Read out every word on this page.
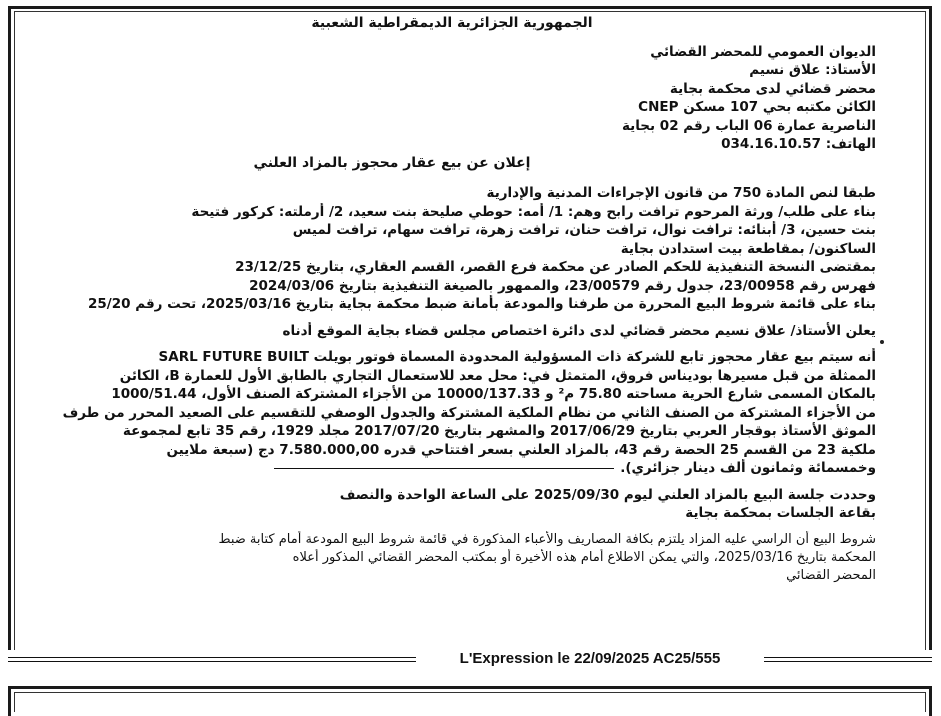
الجمهورية الجزائرية الديمقراطية الشعبية
الديوان العمومي للمحضر القضائي
الأستاذ: علاق نسيم
محضر قضائي لدى محكمة بجاية
الكائن مكتبه بحي 107 مسكن CNEP
الناصرية عمارة 06 الباب رقم 02 بجاية
الهاتف: 034.16.10.57
إعلان عن بيع عقار محجوز بالمزاد العلني
طبقا لنص المادة 750 من قانون الإجراءات المدنية والإدارية
بناء على طلب/ ورثة المرحوم ترافت رابح وهم: 1/ أمه: حوطي صليحة بنت سعيد، 2/ أرملته: كركور فتيحة
بنت حسين، 3/ أبنائه: ترافت نوال، ترافت حنان، ترافت زهرة، ترافت سهام، ترافت لميس
الساكنون/ بمقاطعة بيت استدادن بجاية
بمقتضى النسخة التنفيذية للحكم الصادر عن محكمة فرع القصر، القسم العقاري، بتاريخ 23/12/25
فهرس رقم 23/00958، جدول رقم 23/00579، والممهور بالصيغة التنفيذية بتاريخ 2024/03/06
بناء على قائمة شروط البيع المحررة من طرفنا والمودعة بأمانة ضبط محكمة بجاية بتاريخ 2025/03/16، تحت رقم 25/20
يعلن الأستاذ/ علاق نسيم محضر قضائي لدى دائرة اختصاص مجلس قضاء بجاية الموقع أدناه
أنه سيتم بيع عقار محجوز تابع للشركة ذات المسؤولية المحدودة المسماة فوتور بويلت SARL FUTURE BUILT
الممثلة من قبل مسيرها بوديناس فروق، المتمثل في: محل معد للاستعمال التجاري بالطابق الأول للعمارة B، الكائن
بالمكان المسمى شارع الحرية مساحته 75.80 م² و 10000/137.33 من الأجزاء المشتركة الصنف الأول، 1000/51.44
من الأجزاء المشتركة من الصنف الثاني من نظام الملكية المشتركة والجدول الوصفي للتقسيم على الصعيد المحرر من طرف
الموثق الأستاذ بوقجار العربي بتاريخ 2017/06/29 والمشهر بتاريخ 2017/07/20 مجلد 1929، رقم 35 تابع لمجموعة
ملكية 23 من القسم 25 الحصة رقم 43، بالمزاد العلني بسعر افتتاحي قدره 7.580.000,00 دج (سبعة ملايين
وخمسمائة وثمانون ألف دينار جزائري).
وحددت جلسة البيع بالمزاد العلني ليوم 2025/09/30 على الساعة الواحدة والنصف
بقاعة الجلسات بمحكمة بجاية
شروط البيع أن الراسي عليه المزاد يلتزم بكافة المصاريف والأعباء المذكورة في قائمة شروط البيع المودعة أمام كتابة ضبط
المحكمة بتاريخ 2025/03/16، والتي يمكن الاطلاع أمام هذه الأخيرة أو بمكتب المحضر القضائي المذكور أعلاه
المحضر القضائي
L'Expression le 22/09/2025 AC25/555
